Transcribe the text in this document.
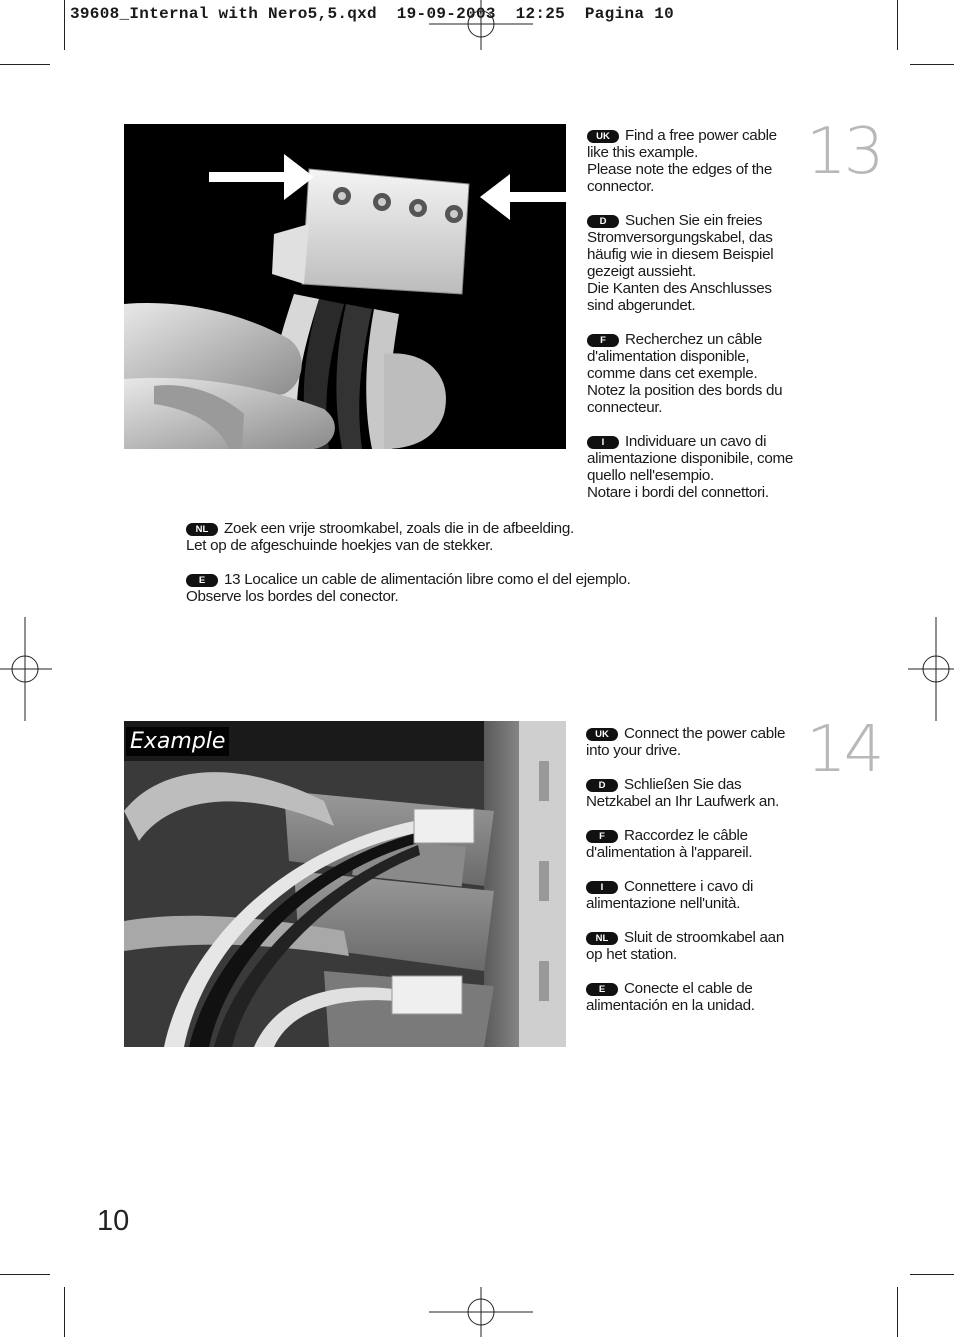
39608_Internal with Nero5,5.qxd  19-09-2003  12:25  Pagina 10
13
UK Find a free power cable
like this example.
Please note the edges of the
connector.
D Suchen Sie ein freies
Stromversorgungskabel, das
häufig wie in diesem Beispiel
gezeigt aussieht.
Die Kanten des Anschlusses
sind abgerundet.
F Recherchez un câble
d'alimentation disponible,
comme dans cet exemple.
Notez la position des bords du
connecteur.
I Individuare un cavo di
alimentazione disponibile, come
quello nell'esempio.
Notare i bordi del connettori.
NL Zoek een vrije stroomkabel, zoals die in de afbeelding.
Let op de afgeschuinde hoekjes van de stekker.
E 13 Localice un cable de alimentación libre como el del ejemplo.
Observe los bordes del conector.
Example	14
UK Connect the power cable
into your drive.
D Schließen Sie das
Netzkabel an Ihr Laufwerk an.
F Raccordez le câble
d'alimentation à l'appareil.
I Connettere i cavo di
alimentazione nell'unità.
NL Sluit de stroomkabel aan
op het station.
E Conecte el cable de
alimentación en la unidad.
10
